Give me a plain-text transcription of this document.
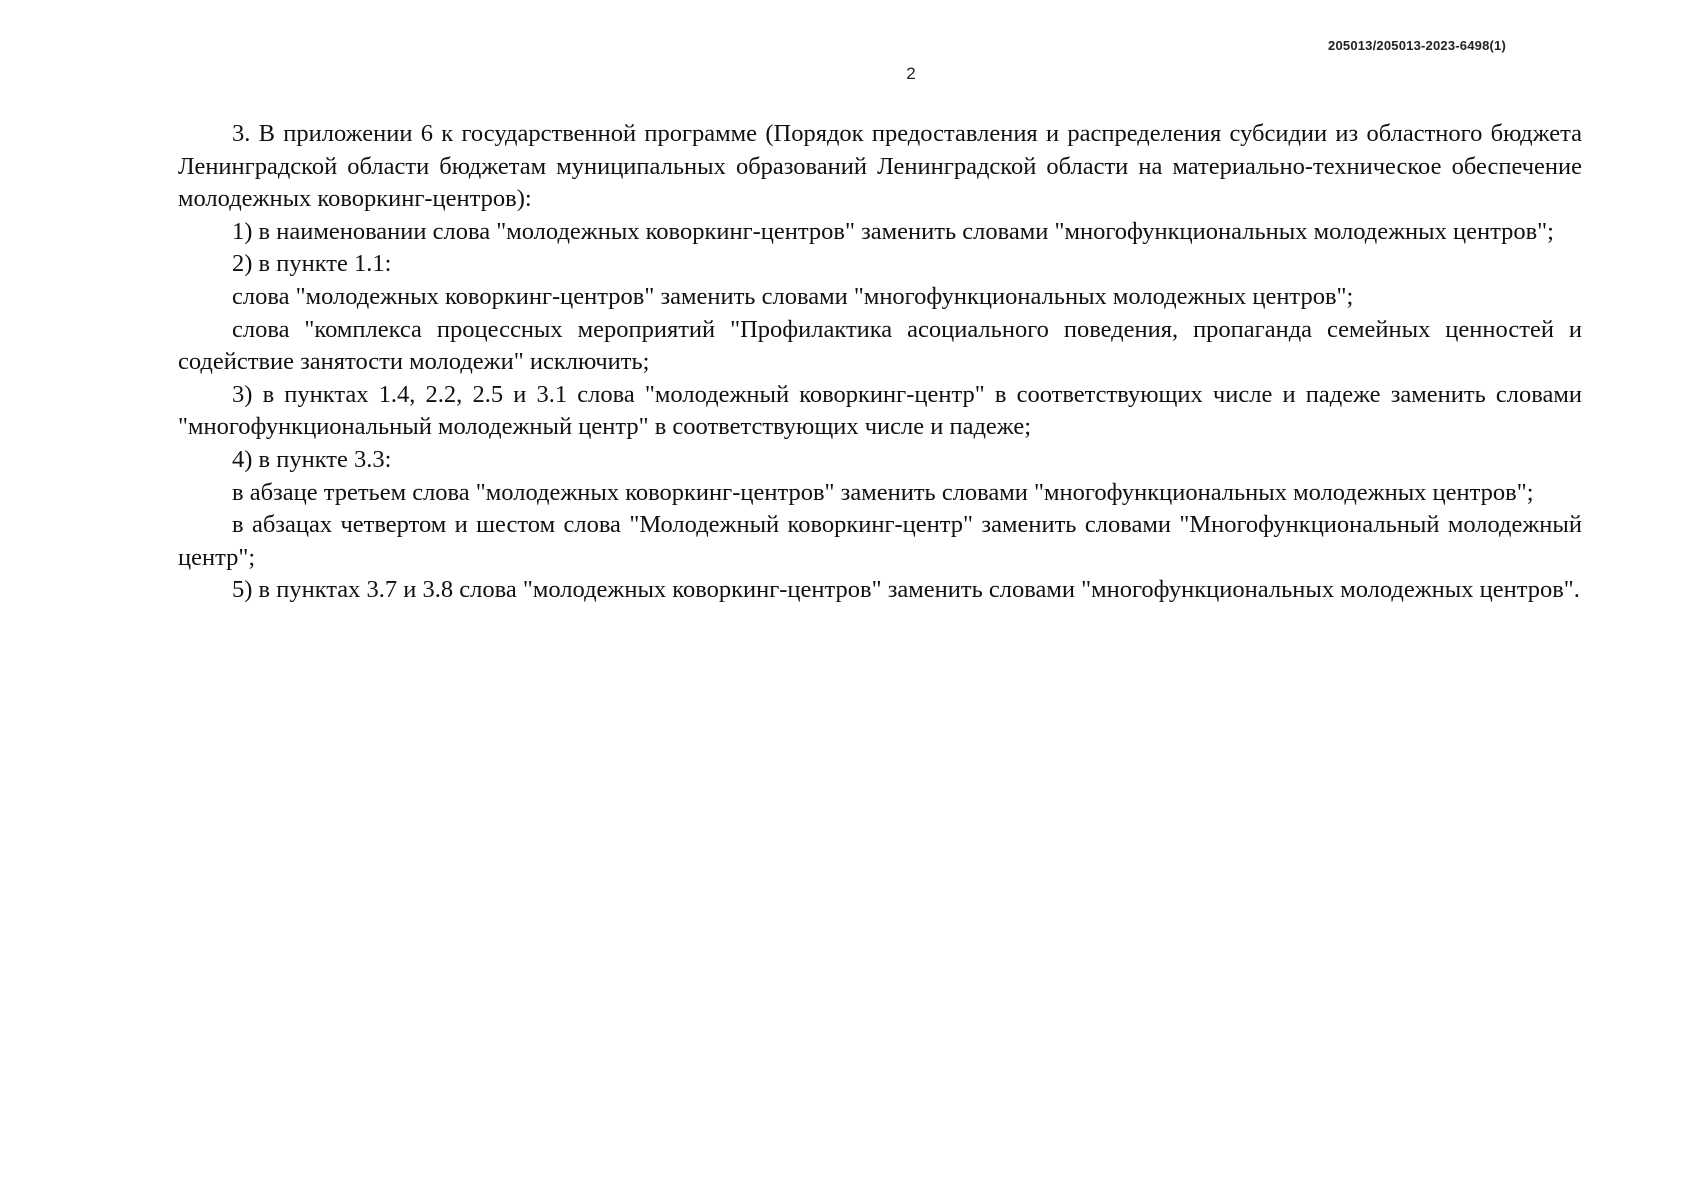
205013/205013-2023-6498(1)
2

3. В приложении 6 к государственной программе (Порядок предоставления и распределения субсидии из областного бюджета Ленинградской области бюджетам муниципальных образований Ленинградской области на материально-техническое обеспечение молодежных коворкинг-центров):

1) в наименовании слова "молодежных коворкинг-центров" заменить словами "многофункциональных молодежных центров";

2) в пункте 1.1:

слова "молодежных коворкинг-центров" заменить словами "многофункциональных молодежных центров";

слова "комплекса процессных мероприятий "Профилактика асоциального поведения, пропаганда семейных ценностей и содействие занятости молодежи" исключить;

3) в пунктах 1.4, 2.2, 2.5 и 3.1 слова "молодежный коворкинг-центр" в соответствующих числе и падеже заменить словами "многофункциональный молодежный центр" в соответствующих числе и падеже;

4) в пункте 3.3:

в абзаце третьем слова "молодежных коворкинг-центров" заменить словами "многофункциональных молодежных центров";

в абзацах четвертом и шестом слова "Молодежный коворкинг-центр" заменить словами "Многофункциональный молодежный центр";

5) в пунктах 3.7 и 3.8 слова "молодежных коворкинг-центров" заменить словами "многофункциональных молодежных центров".
